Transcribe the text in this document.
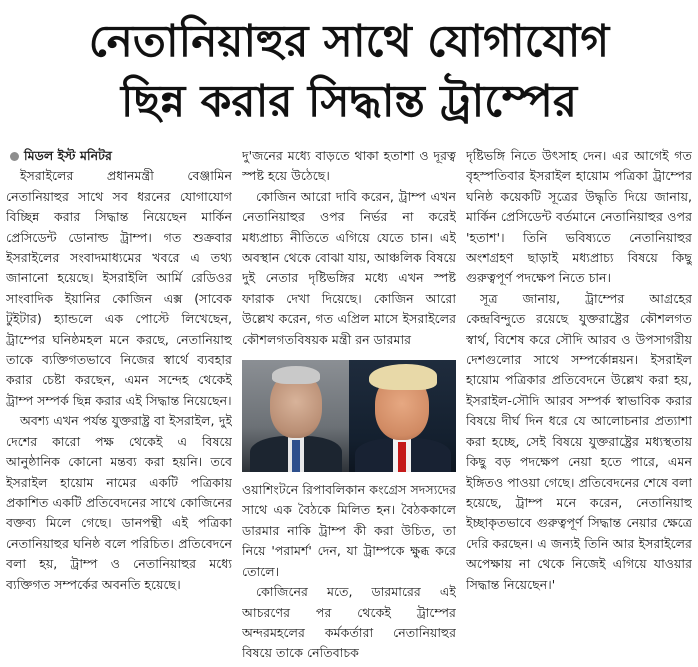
নেতানিয়াহুর সাথে যোগাযোগ
ছিন্ন করার সিদ্ধান্ত ট্রাম্পের
মিডল ইস্ট মনিটর

ইসরাইলের প্রধানমন্ত্রী বেঞ্জামিন নেতানিয়াহুর সাথে সব ধরনের যোগাযোগ বিচ্ছিন্ন করার সিদ্ধান্ত নিয়েছেন মার্কিন প্রেসিডেন্ট ডোনাল্ড ট্রাম্প। গত শুক্রবার ইসরাইলের সংবাদমাধ্যমের খবরে এ তথ্য জানানো হয়েছে। ইসরাইলি আর্মি রেডিওর সাংবাদিক ইয়ানির কোজিন এক্স (সাবেক টুইটার) হ্যান্ডলে এক পোস্টে লিখেছেন, ট্রাম্পের ঘনিষ্ঠমহল মনে করছে, নেতানিয়াহু তাকে ব্যক্তিগতভাবে নিজের স্বার্থে ব্যবহার করার চেষ্টা করছেন, এমন সন্দেহ থেকেই ট্রাম্প সম্পর্ক ছিন্ন করার এই সিদ্ধান্ত নিয়েছেন।

অবশ্য এখন পর্যন্ত যুক্তরাষ্ট্র বা ইসরাইল, দুই দেশের কারো পক্ষ থেকেই এ বিষয়ে আনুষ্ঠানিক কোনো মন্তব্য করা হয়নি। তবে ইসরাইল হায়োম নামের একটি পত্রিকায় প্রকাশিত একটি প্রতিবেদনের সাথে কোজিনের বক্তব্য মিলে গেছে। ডানপন্থী এই পত্রিকা নেতানিয়াহুর ঘনিষ্ঠ বলে পরিচিত। প্রতিবেদনে বলা হয়, ট্রাম্প ও নেতানিয়াহুর মধ্যে ব্যক্তিগত সম্পর্কের অবনতি হয়েছে।

দু'জনের মধ্যে বাড়তে থাকা হতাশা ও দূরত্ব স্পষ্ট হয়ে উঠেছে।

কোজিন আরো দাবি করেন, ট্রাম্প এখন নেতানিয়াহুর ওপর নির্ভর না করেই মধ্যপ্রাচ্য নীতিতে এগিয়ে যেতে চান। এই অবস্থান থেকে বোঝা যায়, আঞ্চলিক বিষয়ে দুই নেতার দৃষ্টিভঙ্গির মধ্যে এখন স্পষ্ট ফারাক দেখা দিয়েছে। কোজিন আরো উল্লেখ করেন, গত এপ্রিল মাসে ইসরাইলের কৌশলগতবিষয়ক মন্ত্রী রন ডারমার

ওয়াশিংটনে রিপাবলিকান কংগ্রেস সদস্যদের সাথে এক বৈঠকে মিলিত হন। বৈঠককালে ডারমার নাকি ট্রাম্প কী করা উচিত, তা নিয়ে 'পরামর্শ' দেন, যা ট্রাম্পকে ক্ষুব্ধ করে তোলে।

কোজিনের মতে, ডারমারের এই আচরণের পর থেকেই ট্রাম্পের অন্দরমহলের কর্মকর্তারা নেতানিয়াহুর বিষয়ে তাকে নেতিবাচক

দৃষ্টিভঙ্গি নিতে উৎসাহ দেন। এর আগেই গত বৃহস্পতিবার ইসরাইল হায়োম পত্রিকা ট্রাম্পের ঘনিষ্ঠ কয়েকটি সূত্রের উদ্ধৃতি দিয়ে জানায়, মার্কিন প্রেসিডেন্ট বর্তমানে নেতানিয়াহুর ওপর 'হতাশ'। তিনি ভবিষ্যতে নেতানিয়াহুর অংশগ্রহণ ছাড়াই মধ্যপ্রাচ্য বিষয়ে কিছু গুরুত্বপূর্ণ পদক্ষেপ নিতে চান।

সূত্র জানায়, ট্রাম্পের আগ্রহের কেন্দ্রবিন্দুতে রয়েছে যুক্তরাষ্ট্রের কৌশলগত স্বার্থ, বিশেষ করে সৌদি আরব ও উপসাগরীয় দেশগুলোর সাথে সম্পর্কোন্নয়ন। ইসরাইল হায়োম পত্রিকার প্রতিবেদনে উল্লেখ করা হয়, ইসরাইল-সৌদি আরব সম্পর্ক স্বাভাবিক করার বিষয়ে দীর্ঘ দিন ধরে যে আলোচনার প্রত্যাশা করা হচ্ছে, সেই বিষয়ে যুক্তরাষ্ট্রের মধ্যস্থতায় কিছু বড় পদক্ষেপ নেয়া হতে পারে, এমন ইঙ্গিতও পাওয়া গেছে। প্রতিবেদনের শেষে বলা হয়েছে, ট্রাম্প মনে করেন, নেতানিয়াহু ইচ্ছাকৃতভাবে গুরুত্বপূর্ণ সিদ্ধান্ত নেয়ার ক্ষেত্রে দেরি করছেন। এ জন্যই তিনি আর ইসরাইলের অপেক্ষায় না থেকে নিজেই এগিয়ে যাওয়ার সিদ্ধান্ত নিয়েছেন।'
